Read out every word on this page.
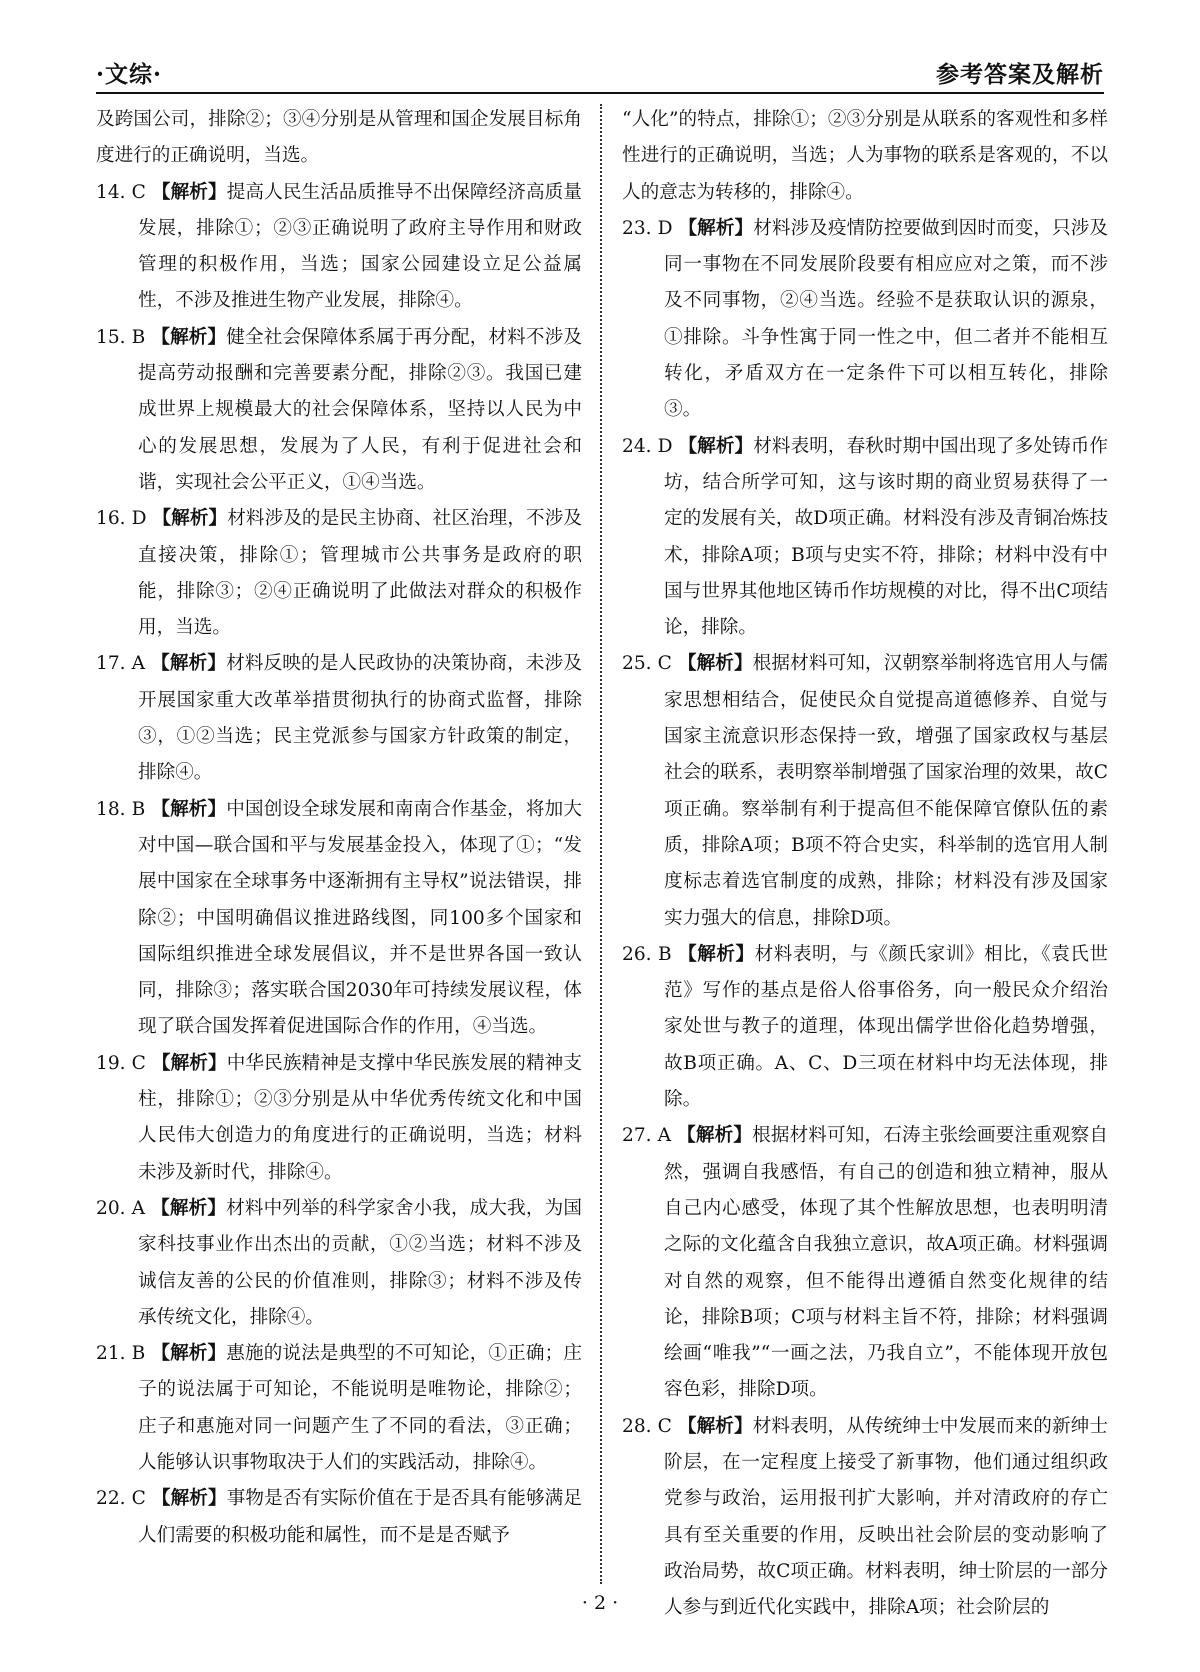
·文综·	参考答案及解析

及跨国公司，排除②；③④分别是从管理和国企发展目标角度进行的正确说明，当选。

14. C 【解析】提高人民生活品质推导不出保障经济高质量发展，排除①；②③正确说明了政府主导作用和财政管理的积极作用，当选；国家公园建设立足公益属性，不涉及推进生物产业发展，排除④。

15. B 【解析】健全社会保障体系属于再分配，材料不涉及提高劳动报酬和完善要素分配，排除②③。我国已建成世界上规模最大的社会保障体系，坚持以人民为中心的发展思想，发展为了人民，有利于促进社会和谐，实现社会公平正义，①④当选。

16. D 【解析】材料涉及的是民主协商、社区治理，不涉及直接决策，排除①；管理城市公共事务是政府的职能，排除③；②④正确说明了此做法对群众的积极作用，当选。

17. A 【解析】材料反映的是人民政协的决策协商，未涉及开展国家重大改革举措贯彻执行的协商式监督，排除③，①②当选；民主党派参与国家方针政策的制定，排除④。

18. B 【解析】中国创设全球发展和南南合作基金，将加大对中国—联合国和平与发展基金投入，体现了①；“发展中国家在全球事务中逐渐拥有主导权”说法错误，排除②；中国明确倡议推进路线图，同100多个国家和国际组织推进全球发展倡议，并不是世界各国一致认同，排除③；落实联合国2030年可持续发展议程，体现了联合国发挥着促进国际合作的作用，④当选。

19. C 【解析】中华民族精神是支撑中华民族发展的精神支柱，排除①；②③分别是从中华优秀传统文化和中国人民伟大创造力的角度进行的正确说明，当选；材料未涉及新时代，排除④。

20. A 【解析】材料中列举的科学家舍小我，成大我，为国家科技事业作出杰出的贡献，①②当选；材料不涉及诚信友善的公民的价值准则，排除③；材料不涉及传承传统文化，排除④。

21. B 【解析】惠施的说法是典型的不可知论，①正确；庄子的说法属于可知论，不能说明是唯物论，排除②；庄子和惠施对同一问题产生了不同的看法，③正确；人能够认识事物取决于人们的实践活动，排除④。

22. C 【解析】事物是否有实际价值在于是否具有能够满足人们需要的积极功能和属性，而不是是否赋予

“人化”的特点，排除①；②③分别是从联系的客观性和多样性进行的正确说明，当选；人为事物的联系是客观的，不以人的意志为转移的，排除④。

23. D 【解析】材料涉及疫情防控要做到因时而变，只涉及同一事物在不同发展阶段要有相应应对之策，而不涉及不同事物，②④当选。经验不是获取认识的源泉，①排除。斗争性寓于同一性之中，但二者并不能相互转化，矛盾双方在一定条件下可以相互转化，排除③。

24. D 【解析】材料表明，春秋时期中国出现了多处铸币作坊，结合所学可知，这与该时期的商业贸易获得了一定的发展有关，故D项正确。材料没有涉及青铜冶炼技术，排除A项；B项与史实不符，排除；材料中没有中国与世界其他地区铸币作坊规模的对比，得不出C项结论，排除。

25. C 【解析】根据材料可知，汉朝察举制将选官用人与儒家思想相结合，促使民众自觉提高道德修养、自觉与国家主流意识形态保持一致，增强了国家政权与基层社会的联系，表明察举制增强了国家治理的效果，故C项正确。察举制有利于提高但不能保障官僚队伍的素质，排除A项；B项不符合史实，科举制的选官用人制度标志着选官制度的成熟，排除；材料没有涉及国家实力强大的信息，排除D项。

26. B 【解析】材料表明，与《颜氏家训》相比，《袁氏世范》写作的基点是俗人俗事俗务，向一般民众介绍治家处世与教子的道理，体现出儒学世俗化趋势增强，故B项正确。A、C、D三项在材料中均无法体现，排除。

27. A 【解析】根据材料可知，石涛主张绘画要注重观察自然，强调自我感悟，有自己的创造和独立精神，服从自己内心感受，体现了其个性解放思想，也表明明清之际的文化蕴含自我独立意识，故A项正确。材料强调对自然的观察，但不能得出遵循自然变化规律的结论，排除B项；C项与材料主旨不符，排除；材料强调绘画“唯我”“一画之法，乃我自立”，不能体现开放包容色彩，排除D项。

28. C 【解析】材料表明，从传统绅士中发展而来的新绅士阶层，在一定程度上接受了新事物，他们通过组织政党参与政治，运用报刊扩大影响，并对清政府的存亡具有至关重要的作用，反映出社会阶层的变动影响了政治局势，故C项正确。材料表明，绅士阶层的一部分人参与到近代化实践中，排除A项；社会阶层的

· 2 ·
